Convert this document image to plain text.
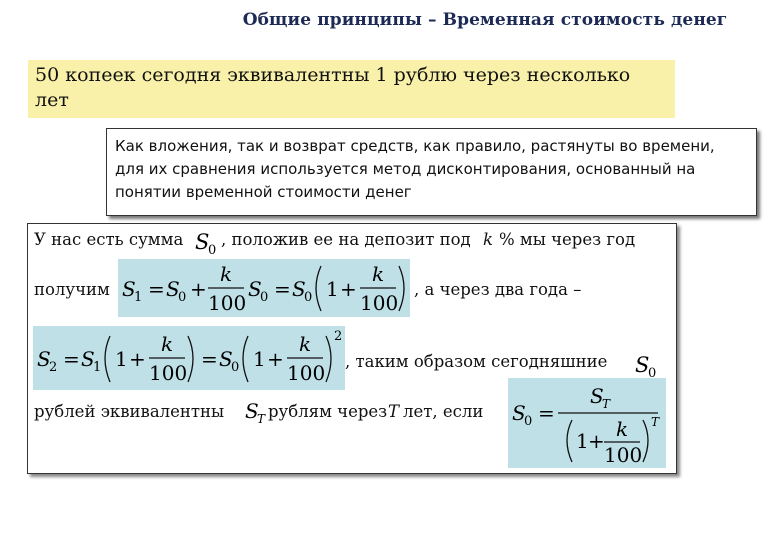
Общие принципы – Временная стоимость денег
50 копеек сегодня эквивалентны 1 рублю через несколько лет
Как вложения, так и возврат средств, как правило, растянуты во времени, для их сравнения используется метод дисконтирования, основанный на понятии временной стоимости денег
У нас есть сумма S
0
, положив ее на депозит под k % мы через год
получим S
1 = S
0 +
k
100
S
0 = S
0 1 +
k
100
, а через два года –
S
2 = S
1 1 +
k
100
= S
0 1 +
k
100
2
, таким образом сегодняшние S
0
рублей эквивалентны S
T рублям через T лет, если S
0 =
S
T
1 + k
100
T
